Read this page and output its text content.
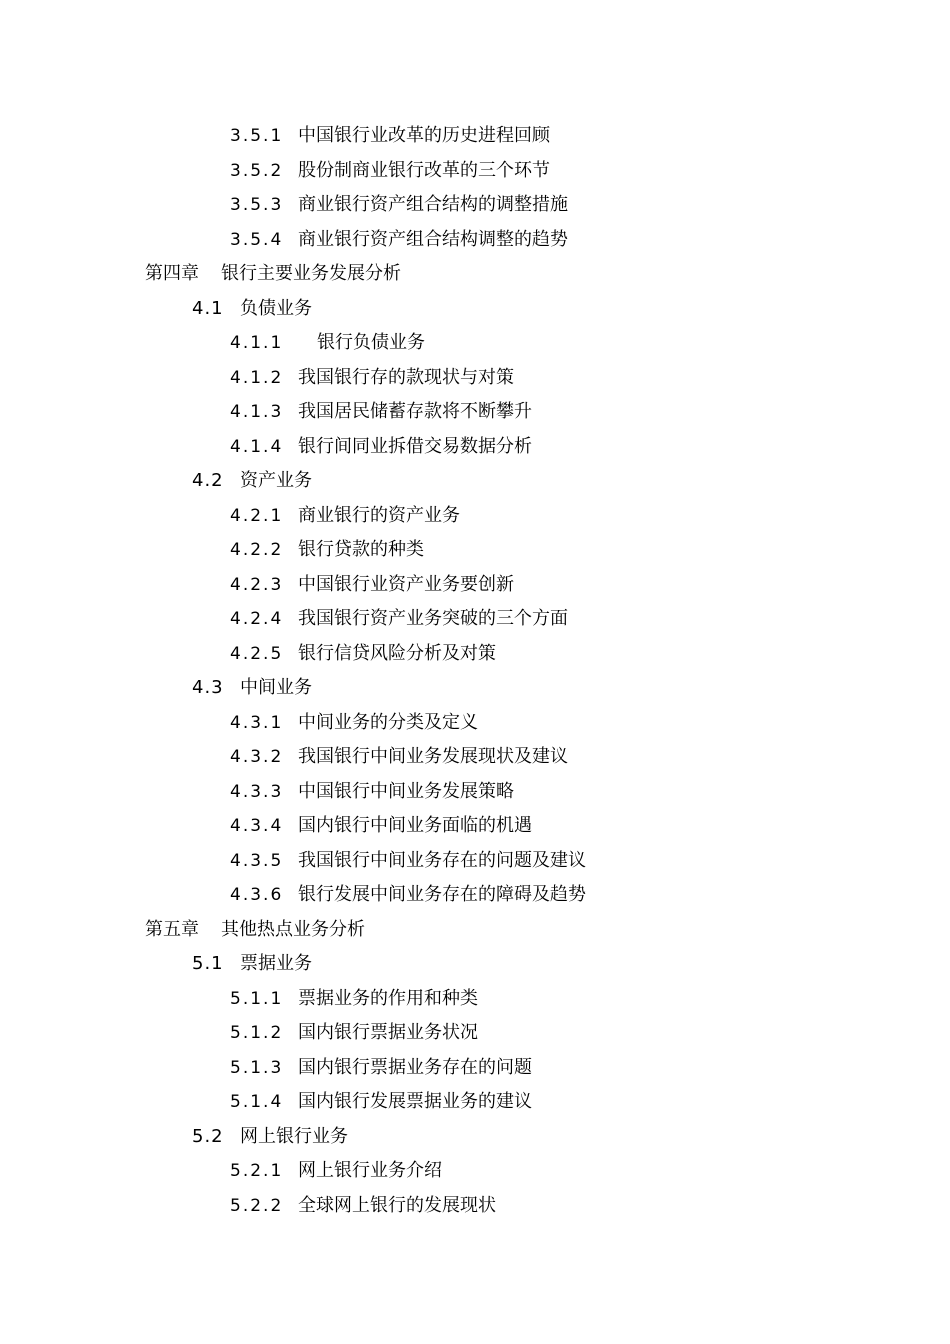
3.5.1 中国银行业改革的历史进程回顾
3.5.2 股份制商业银行改革的三个环节
3.5.3 商业银行资产组合结构的调整措施
3.5.4 商业银行资产组合结构调整的趋势
第四章 银行主要业务发展分析
4.1 负债业务
4.1.1 银行负债业务
4.1.2 我国银行存的款现状与对策
4.1.3 我国居民储蓄存款将不断攀升
4.1.4 银行间同业拆借交易数据分析
4.2 资产业务
4.2.1 商业银行的资产业务
4.2.2 银行贷款的种类
4.2.3 中国银行业资产业务要创新
4.2.4 我国银行资产业务突破的三个方面
4.2.5 银行信贷风险分析及对策
4.3 中间业务
4.3.1 中间业务的分类及定义
4.3.2 我国银行中间业务发展现状及建议
4.3.3 中国银行中间业务发展策略
4.3.4 国内银行中间业务面临的机遇
4.3.5 我国银行中间业务存在的问题及建议
4.3.6 银行发展中间业务存在的障碍及趋势
第五章 其他热点业务分析
5.1 票据业务
5.1.1 票据业务的作用和种类
5.1.2 国内银行票据业务状况
5.1.3 国内银行票据业务存在的问题
5.1.4 国内银行发展票据业务的建议
5.2 网上银行业务
5.2.1 网上银行业务介绍
5.2.2 全球网上银行的发展现状
